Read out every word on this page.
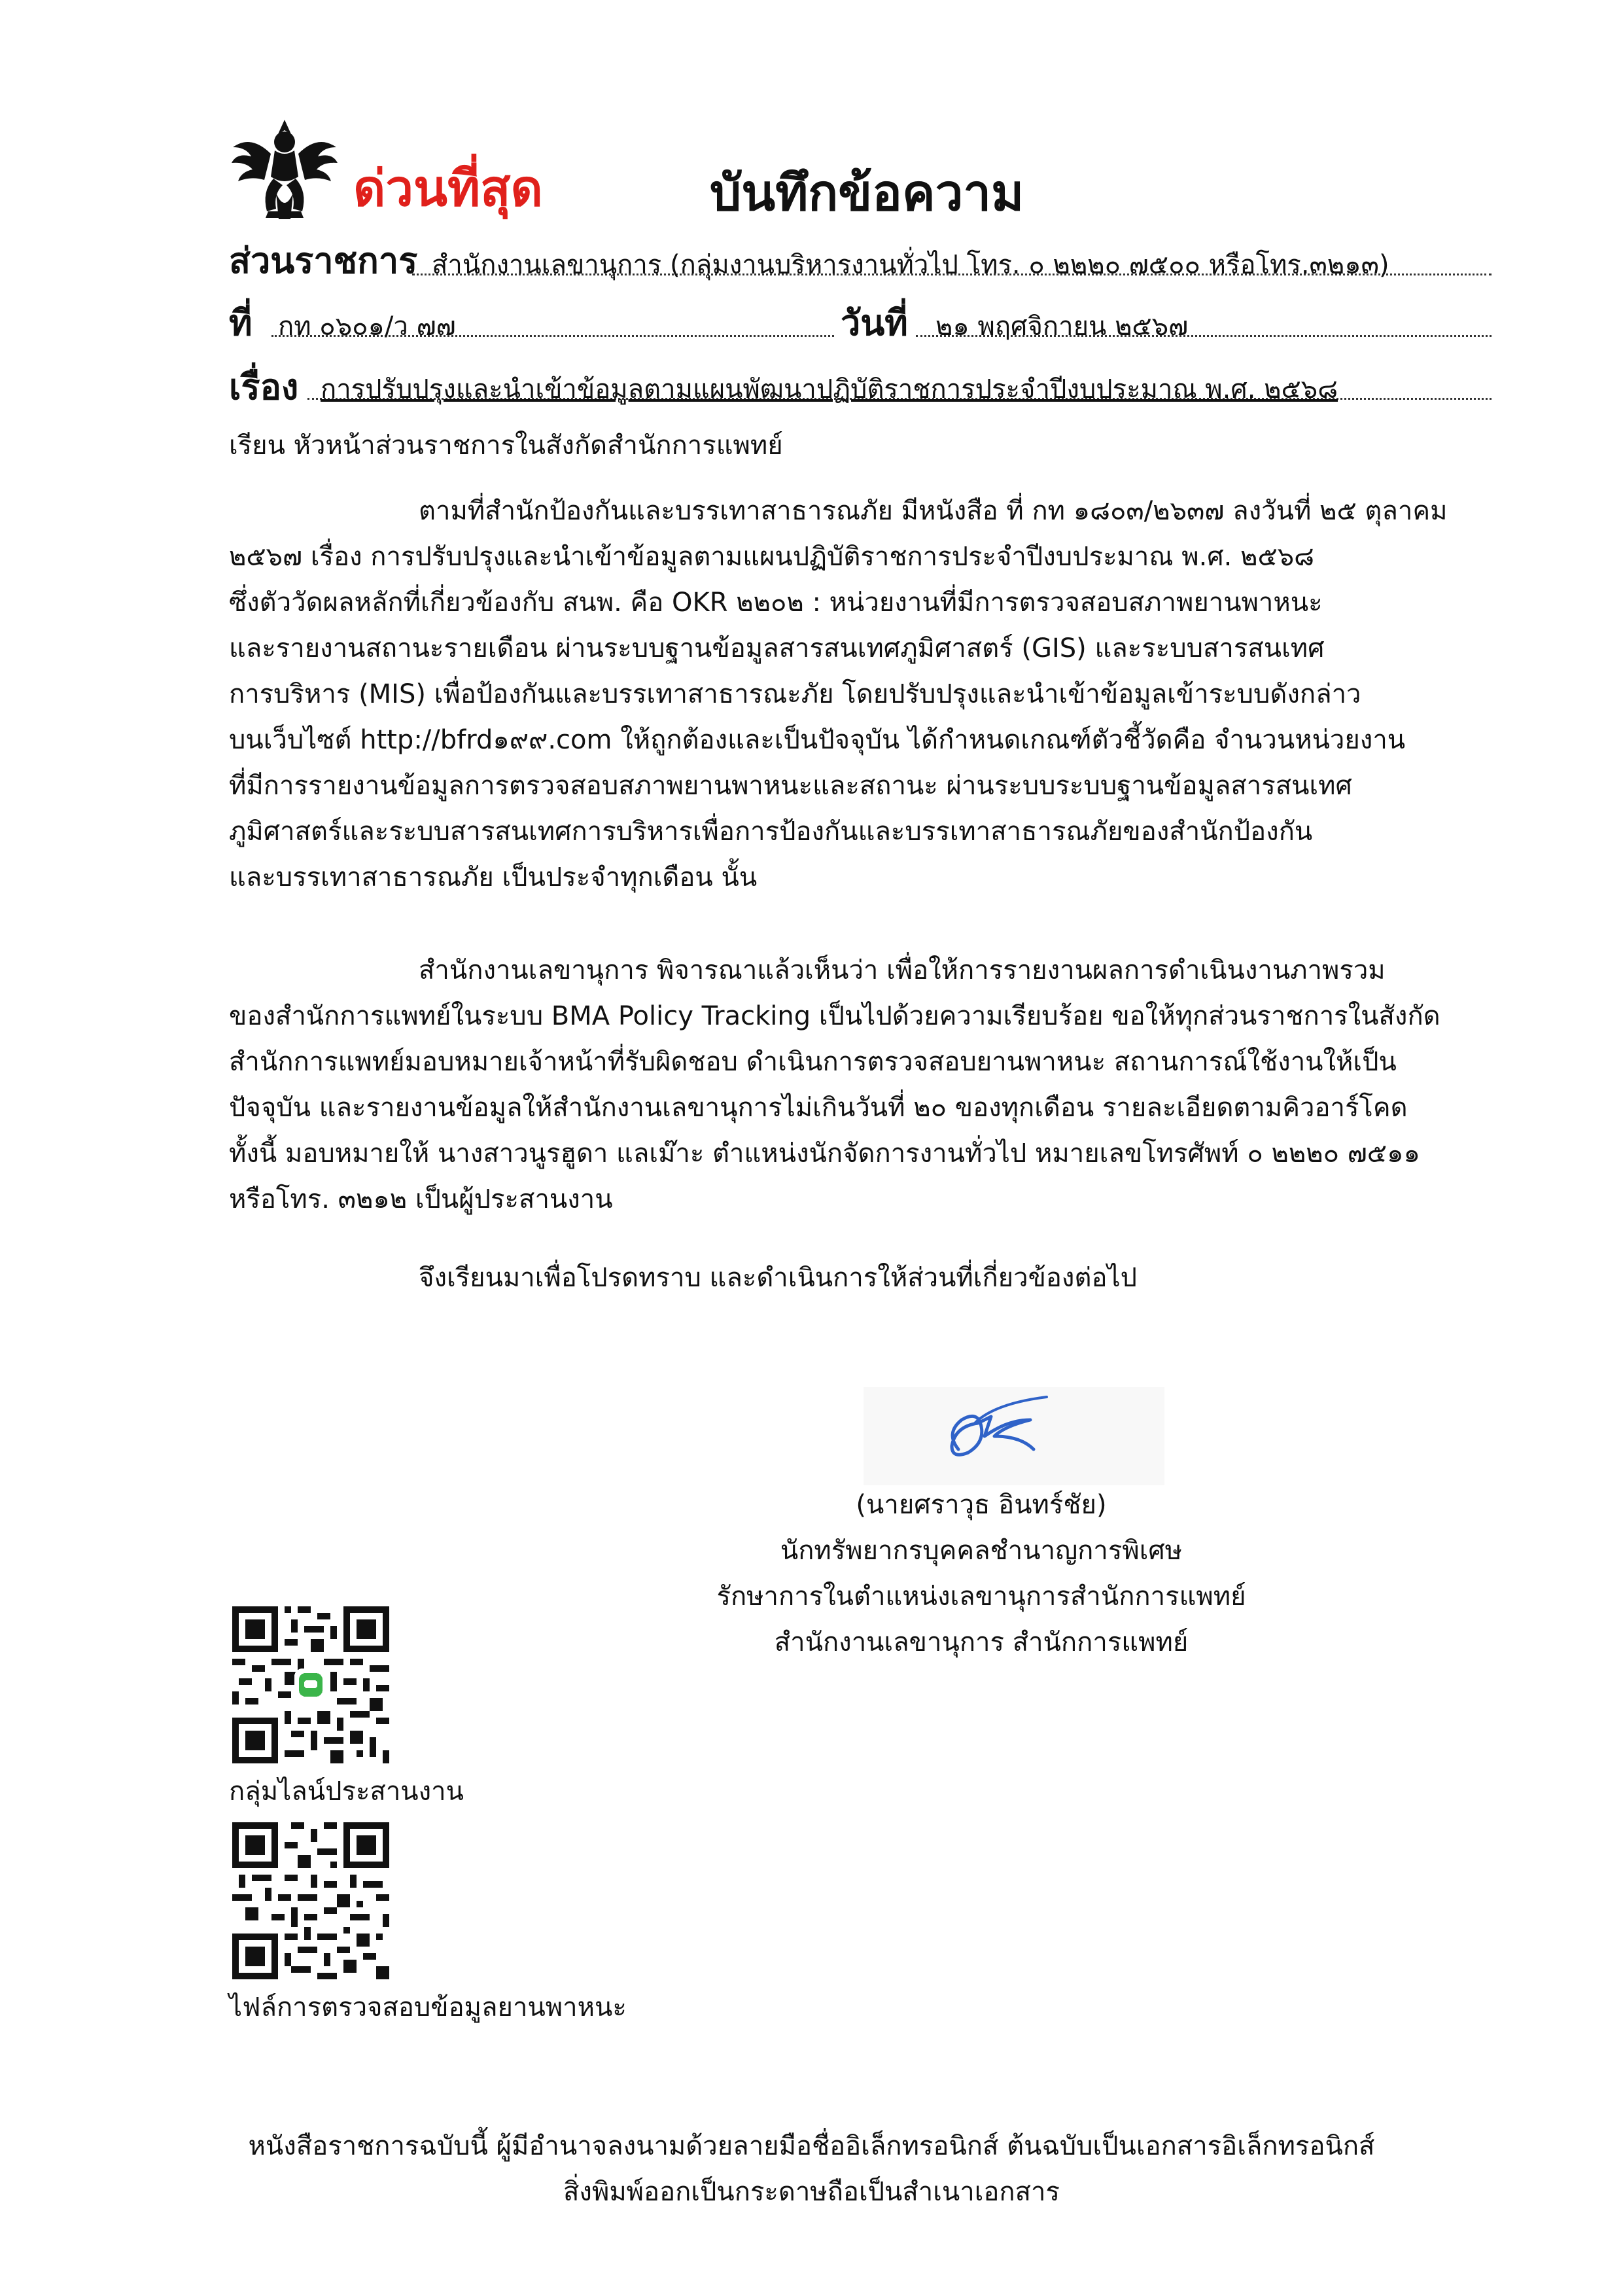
ด่วนที่สุด	บันทึกข้อความ
ส่วนราชการ สำนักงานเลขานุการ (กลุ่มงานบริหารงานทั่วไป โทร. ๐ ๒๒๒๐ ๗๕๐๐ หรือโทร.๓๒๑๓)
ที่ กท ๐๖๐๑/ว ๗๗	วันที่ ๒๑ พฤศจิกายน ๒๕๖๗
เรื่อง การปรับปรุงและนำเข้าข้อมูลตามแผนพัฒนาปฏิบัติราชการประจำปีงบประมาณ พ.ศ. ๒๕๖๘
เรียน หัวหน้าส่วนราชการในสังกัดสำนักการแพทย์
ตามที่สำนักป้องกันและบรรเทาสาธารณภัย มีหนังสือ ที่ กท ๑๘๐๓/๒๖๓๗ ลงวันที่ ๒๕ ตุลาคม
๒๕๖๗ เรื่อง การปรับปรุงและนำเข้าข้อมูลตามแผนปฏิบัติราชการประจำปีงบประมาณ พ.ศ. ๒๕๖๘
ซึ่งตัววัดผลหลักที่เกี่ยวข้องกับ สนพ. คือ OKR ๒๒๐๒ : หน่วยงานที่มีการตรวจสอบสภาพยานพาหนะ
และรายงานสถานะรายเดือน ผ่านระบบฐานข้อมูลสารสนเทศภูมิศาสตร์ (GIS) และระบบสารสนเทศ
การบริหาร (MIS) เพื่อป้องกันและบรรเทาสาธารณะภัย โดยปรับปรุงและนำเข้าข้อมูลเข้าระบบดังกล่าว
บนเว็บไซต์ http://bfrd๑๙๙.com ให้ถูกต้องและเป็นปัจจุบัน ได้กำหนดเกณฑ์ตัวชี้วัดคือ จำนวนหน่วยงาน
ที่มีการรายงานข้อมูลการตรวจสอบสภาพยานพาหนะและสถานะ ผ่านระบบระบบฐานข้อมูลสารสนเทศ
ภูมิศาสตร์และระบบสารสนเทศการบริหารเพื่อการป้องกันและบรรเทาสาธารณภัยของสำนักป้องกัน
และบรรเทาสาธารณภัย เป็นประจำทุกเดือน นั้น
สำนักงานเลขานุการ พิจารณาแล้วเห็นว่า เพื่อให้การรายงานผลการดำเนินงานภาพรวม
ของสำนักการแพทย์ในระบบ BMA Policy Tracking เป็นไปด้วยความเรียบร้อย ขอให้ทุกส่วนราชการในสังกัด
สำนักการแพทย์มอบหมายเจ้าหน้าที่รับผิดชอบ ดำเนินการตรวจสอบยานพาหนะ สถานการณ์ใช้งานให้เป็น
ปัจจุบัน และรายงานข้อมูลให้สำนักงานเลขานุการไม่เกินวันที่ ๒๐ ของทุกเดือน รายละเอียดตามคิวอาร์โคด
ทั้งนี้ มอบหมายให้ นางสาวนูรฮูดา แลเม๊าะ ตำแหน่งนักจัดการงานทั่วไป หมายเลขโทรศัพท์ ๐ ๒๒๒๐ ๗๕๑๑
หรือโทร. ๓๒๑๒ เป็นผู้ประสานงาน
จึงเรียนมาเพื่อโปรดทราบ และดำเนินการให้ส่วนที่เกี่ยวข้องต่อไป
(นายศราวุธ อินทร์ชัย)
นักทรัพยากรบุคคลชำนาญการพิเศษ
รักษาการในตำแหน่งเลขานุการสำนักการแพทย์
สำนักงานเลขานุการ สำนักการแพทย์
กลุ่มไลน์ประสานงาน
ไฟล์การตรวจสอบข้อมูลยานพาหนะ
หนังสือราชการฉบับนี้ ผู้มีอำนาจลงนามด้วยลายมือชื่ออิเล็กทรอนิกส์ ต้นฉบับเป็นเอกสารอิเล็กทรอนิกส์
สิ่งพิมพ์ออกเป็นกระดาษถือเป็นสำเนาเอกสาร
